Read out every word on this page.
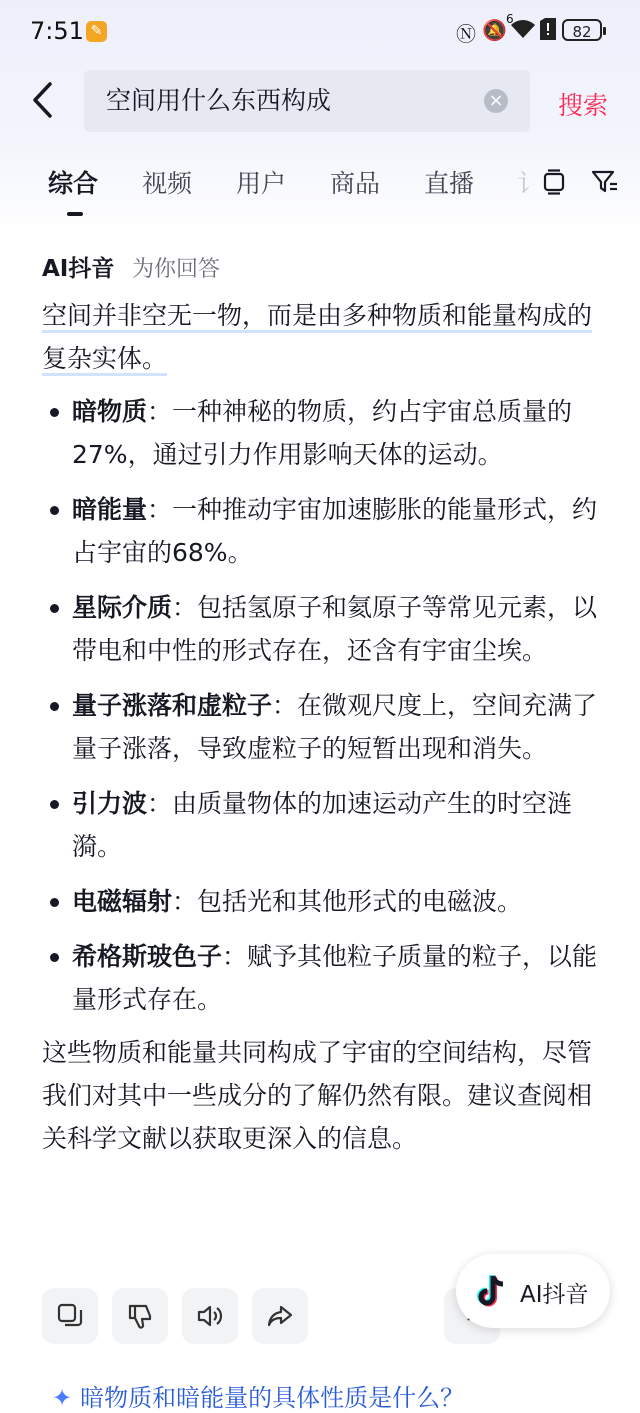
7:51 ✎	Ⓝ 🔕 6
82
空间用什么东西构成	× 搜索
综合 视频 用户 商品 直播 讠
AI抖音 为你回答
空间并非空无一物，而是由多种物质和能量构成的复杂实体。
暗物质：一种神秘的物质，约占宇宙总质量的27%，通过引力作用影响天体的运动。
暗能量：一种推动宇宙加速膨胀的能量形式，约占宇宙的68%。
星际介质：包括氢原子和氦原子等常见元素，以带电和中性的形式存在，还含有宇宙尘埃。
量子涨落和虚粒子：在微观尺度上，空间充满了量子涨落，导致虚粒子的短暂出现和消失。
引力波：由质量物体的加速运动产生的时空涟漪。
电磁辐射：包括光和其他形式的电磁波。
希格斯玻色子：赋予其他粒子质量的粒子，以能量形式存在。
这些物质和能量共同构成了宇宙的空间结构，尽管我们对其中一些成分的了解仍然有限。建议查阅相关科学文献以获取更深入的信息。
AI抖音
✦ 暗物质和暗能量的具体性质是什么？
